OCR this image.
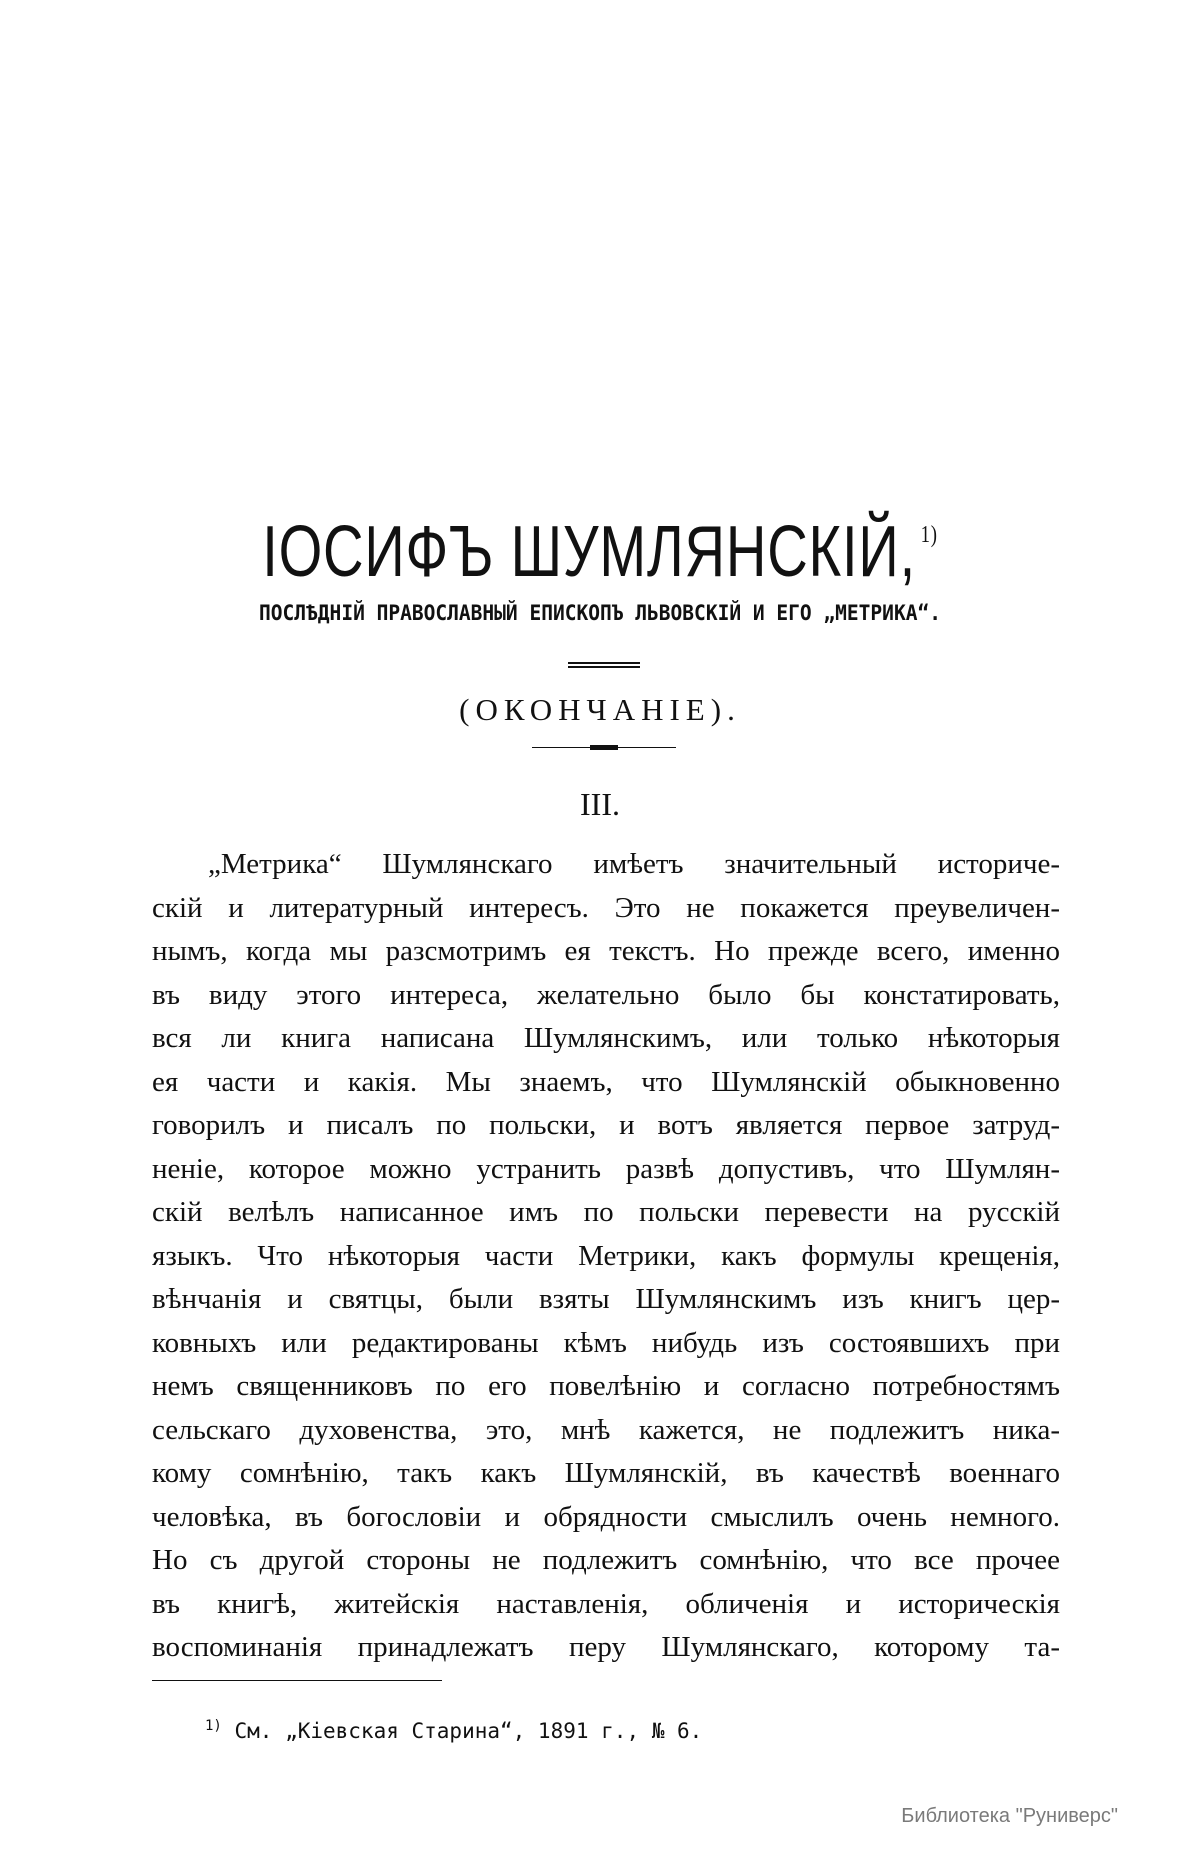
ІОСИФЪ ШУМЛЯНСКІЙ, $^{1)}$
ПОСЛѢДНІЙ ПРАВОСЛАВНЫЙ ЕПИСКОПЪ ЛЬВОВСКІЙ И ЕГО „МЕТРИКА“.
(ОКОНЧАНІЕ).
III.
„Метрика“ Шумлянскаго имѣетъ значительный историче-
скій и литературный интересъ. Это не покажется преувеличен-
нымъ, когда мы разсмотримъ ея текстъ. Но прежде всего, именно
въ виду этого интереса, желательно было бы констатировать,
вся ли книга написана Шумлянскимъ, или только нѣкоторыя
ея части и какія. Мы знаемъ, что Шумлянскій обыкновенно
говорилъ и писалъ по польски, и вотъ является первое затруд-
неніе, которое можно устранить развѣ допустивъ, что Шумлян-
скій велѣлъ написанное имъ по польски перевести на русскій
языкъ. Что нѣкоторыя части Метрики, какъ формулы крещенія,
вѣнчанія и святцы, были взяты Шумлянскимъ изъ книгъ цер-
ковныхъ или редактированы кѣмъ нибудь изъ состоявшихъ при
немъ священниковъ по его повелѣнію и согласно потребностямъ
сельскаго духовенства, это, мнѣ кажется, не подлежитъ ника-
кому сомнѣнію, такъ какъ Шумлянскій, въ качествѣ военнаго
человѣка, въ богословіи и обрядности смыслилъ очень немного.
Но съ другой стороны не подлежитъ сомнѣнію, что все прочее
въ книгѣ, житейскія наставленія, обличенія и историческія
воспоминанія принадлежатъ перу Шумлянскаго, которому та-
$^{1)}$ См. „Кіевская Старина“, 1891 г., № 6.
Библиотека "Руниверс"
